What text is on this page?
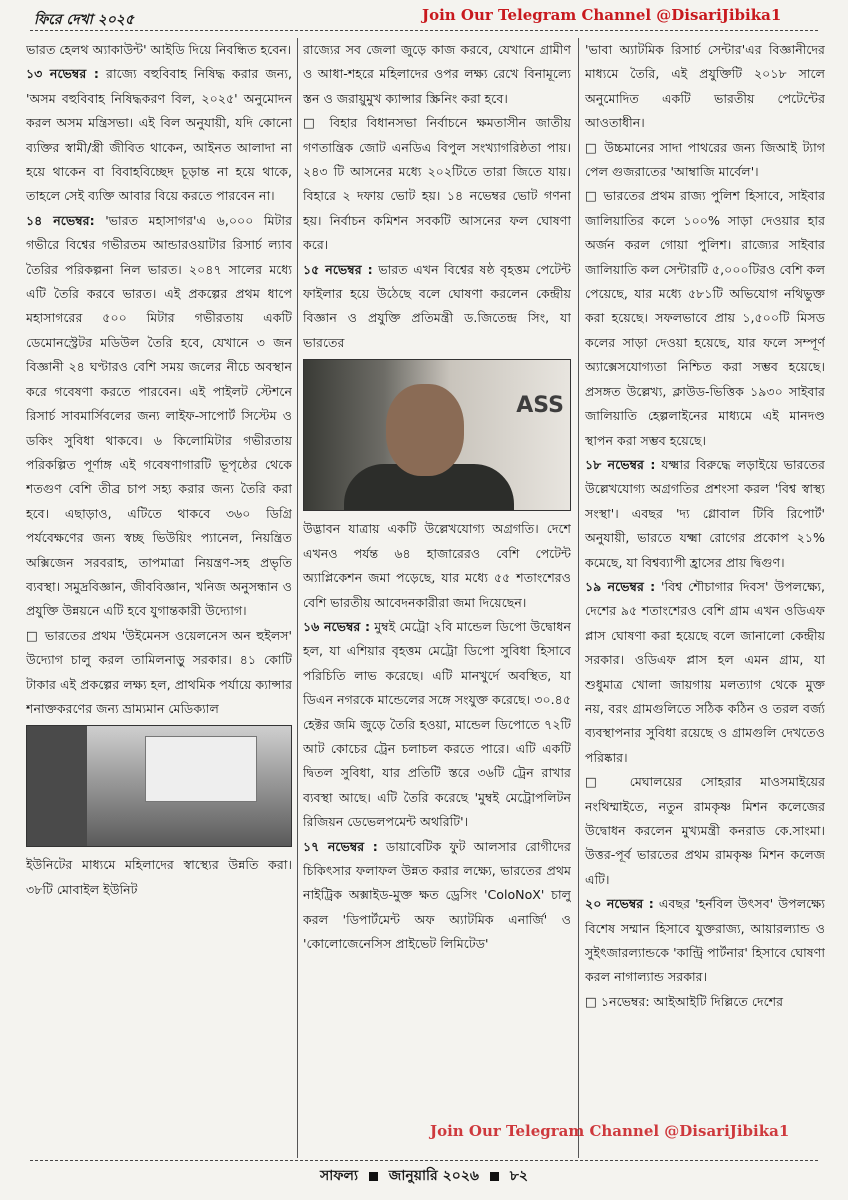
ফিরে দেখা ২০২৫	Join Our Telegram Channel @DisariJibika1

ভারত হেলথ অ্যাকাউন্ট' আইডি দিয়ে নিবন্ধিত হবেন।

১৩ নভেম্বর : রাজ্যে বহুবিবাহ নিষিদ্ধ করার জন্য, 'অসম বহুবিবাহ নিষিদ্ধকরণ বিল, ২০২৫' অনুমোদন করল অসম মন্ত্রিসভা। এই বিল অনুযায়ী, যদি কোনো ব্যক্তির স্বামী/স্ত্রী জীবিত থাকেন, আইনত আলাদা না হয়ে থাকেন বা বিবাহবিচ্ছেদ চূড়ান্ত না হয়ে থাকে, তাহলে সেই ব্যক্তি আবার বিয়ে করতে পারবেন না।

১৪ নভেম্বর: 'ভারত মহাসাগর'এ ৬,০০০ মিটার গভীরে বিশ্বের গভীরতম আন্ডারওয়াটার রিসার্চ ল্যাব তৈরির পরিকল্পনা নিল ভারত। ২০৪৭ সালের মধ্যে এটি তৈরি করবে ভারত। এই প্রকল্পের প্রথম ধাপে মহাসাগরের ৫০০ মিটার গভীরতায় একটি ডেমোনস্ট্রেটর মডিউল তৈরি হবে, যেখানে ৩ জন বিজ্ঞানী ২৪ ঘণ্টারও বেশি সময় জলের নীচে অবস্থান করে গবেষণা করতে পারবেন। এই পাইলট স্টেশনে রিসার্চ সাবমার্সিবলের জন্য লাইফ-সাপোর্ট সিস্টেম ও ডকিং সুবিধা থাকবে। ৬ কিলোমিটার গভীরতায় পরিকল্পিত পূর্ণাঙ্গ এই গবেষণাগারটি ভূপৃষ্ঠের থেকে শতগুণ বেশি তীব্র চাপ সহ্য করার জন্য তৈরি করা হবে। এছাড়াও, এটিতে থাকবে ৩৬০ ডিগ্রি পর্যবেক্ষণের জন্য স্বচ্ছ ভিউয়িং প্যানেল, নিয়ন্ত্রিত অক্সিজেন সরবরাহ, তাপমাত্রা নিয়ন্ত্রণ-সহ প্রভৃতি ব্যবস্থা। সমুদ্রবিজ্ঞান, জীববিজ্ঞান, খনিজ অনুসন্ধান ও প্রযুক্তি উন্নয়নে এটি হবে যুগান্তকারী উদ্যোগ।

□ ভারতের প্রথম 'উইমেনস ওয়েলনেস অন হুইলস' উদ্যোগ চালু করল তামিলনাড়ু সরকার। ৪১ কোটি টাকার এই প্রকল্পের লক্ষ্য হল, প্রাথমিক পর্যায়ে ক্যান্সার শনাক্তকরণের জন্য ভ্রাম্যমান মেডিক্যাল

ইউনিটের মাধ্যমে মহিলাদের স্বাস্থ্যের উন্নতি করা। ৩৮টি মোবাইল ইউনিট

রাজ্যের সব জেলা জুড়ে কাজ করবে, যেখানে গ্রামীণ ও আধা-শহরে মহিলাদের ওপর লক্ষ্য রেখে বিনামূল্যে স্তন ও জরায়ুমুখ ক্যান্সার স্ক্রিনিং করা হবে।

□ বিহার বিধানসভা নির্বাচনে ক্ষমতাসীন জাতীয় গণতান্ত্রিক জোট এনডিএ বিপুল সংখ্যাগরিষ্ঠতা পায়। ২৪৩ টি আসনের মধ্যে ২০২টিতে তারা জিতে যায়। বিহারে ২ দফায় ভোট হয়। ১৪ নভেম্বর ভোট গণনা হয়। নির্বাচন কমিশন সবকটি আসনের ফল ঘোষণা করে।

১৫ নভেম্বর : ভারত এখন বিশ্বের ষষ্ঠ বৃহত্তম পেটেন্ট ফাইলার হয়ে উঠেছে বলে ঘোষণা করলেন কেন্দ্রীয় বিজ্ঞান ও প্রযুক্তি প্রতিমন্ত্রী ড.জিতেন্দ্র সিং, যা ভারতের

ASS

উদ্ভাবন যাত্রায় একটি উল্লেখযোগ্য অগ্রগতি। দেশে এখনও পর্যন্ত ৬৪ হাজারেরও বেশি পেটেন্ট অ্যাপ্লিকেশন জমা পড়েছে, যার মধ্যে ৫৫ শতাংশেরও বেশি ভারতীয় আবেদনকারীরা জমা দিয়েছেন।

১৬ নভেম্বর : মুম্বই মেট্রো ২বি মান্ডেল ডিপো উদ্বোধন হল, যা এশিয়ার বৃহত্তম মেট্রো ডিপো সুবিধা হিসাবে পরিচিতি লাভ করেছে। এটি মানখুর্দে অবস্থিত, যা ডিএন নগরকে মান্ডেলের সঙ্গে সংযুক্ত করেছে। ৩০.৪৫ হেক্টর জমি জুড়ে তৈরি হওয়া, মান্ডেল ডিপোতে ৭২টি আট কোচের ট্রেন চলাচল করতে পারে। এটি একটি দ্বিতল সুবিধা, যার প্রতিটি স্তরে ৩৬টি ট্রেন রাখার ব্যবস্থা আছে। এটি তৈরি করেছে 'মুম্বই মেট্রোপলিটন রিজিয়ন ডেভেলপমেন্ট অথরিটি'।

১৭ নভেম্বর : ডায়াবেটিক ফুট আলসার রোগীদের চিকিৎসার ফলাফল উন্নত করার লক্ষ্যে, ভারতের প্রথম নাইট্রিক অক্সাইড-মুক্ত ক্ষত ড্রেসিং 'ColoNoX' চালু করল 'ডিপার্টমেন্ট অফ অ্যাটমিক এনার্জি' ও 'কোলোজেনেসিস প্রাইভেট লিমিটেড'

'ভাবা অ্যাটমিক রিসার্চ সেন্টার'এর বিজ্ঞানীদের মাধ্যমে তৈরি, এই প্রযুক্তিটি ২০১৮ সালে অনুমোদিত একটি ভারতীয় পেটেন্টের আওতাধীন।

□ উচ্চমানের সাদা পাথরের জন্য জিআই ট্যাগ পেল গুজরাতের 'আম্বাজি মার্বেল'।

□ ভারতের প্রথম রাজ্য পুলিশ হিসাবে, সাইবার জালিয়াতির কলে ১০০% সাড়া দেওয়ার হার অর্জন করল গোয়া পুলিশ। রাজ্যের সাইবার জালিয়াতি কল সেন্টারটি ৫,০০০টিরও বেশি কল পেয়েছে, যার মধ্যে ৫৮১টি অভিযোগ নথিভুক্ত করা হয়েছে। সফলভাবে প্রায় ১,৫০০টি মিসড কলের সাড়া দেওয়া হয়েছে, যার ফলে সম্পূর্ণ অ্যাক্সেসযোগ্যতা নিশ্চিত করা সম্ভব হয়েছে। প্রসঙ্গত উল্লেখ্য, ক্লাউড-ভিত্তিক ১৯৩০ সাইবার জালিয়াতি হেল্পলাইনের মাধ্যমে এই মানদণ্ড স্থাপন করা সম্ভব হয়েছে।

১৮ নভেম্বর : যক্ষ্মার বিরুদ্ধে লড়াইয়ে ভারতের উল্লেখযোগ্য অগ্রগতির প্রশংসা করল 'বিশ্ব স্বাস্থ্য সংস্থা'। এবছর 'দ্য গ্লোবাল টিবি রিপোর্ট' অনুযায়ী, ভারতে যক্ষ্মা রোগের প্রকোপ ২১% কমেছে, যা বিশ্বব্যাপী হ্রাসের প্রায় দ্বিগুণ।

১৯ নভেম্বর : 'বিশ্ব শৌচাগার দিবস' উপলক্ষ্যে, দেশের ৯৫ শতাংশেরও বেশি গ্রাম এখন ওডিএফ প্লাস ঘোষণা করা হয়েছে বলে জানালো কেন্দ্রীয় সরকার। ওডিএফ প্লাস হল এমন গ্রাম, যা শুধুমাত্র খোলা জায়গায় মলত্যাগ থেকে মুক্ত নয়, বরং গ্রামগুলিতে সঠিক কঠিন ও তরল বর্জ্য ব্যবস্থাপনার সুবিধা রয়েছে ও গ্রামগুলি দেখতেও পরিষ্কার।

□ মেঘালয়ের সোহরার মাওসমাইয়ের নংথিম্মাইতে, নতুন রামকৃষ্ণ মিশন কলেজের উদ্বোধন করলেন মুখ্যমন্ত্রী কনরাড কে.সাংমা। উত্তর-পূর্ব ভারতের প্রথম রামকৃষ্ণ মিশন কলেজ এটি।

২০ নভেম্বর : এবছর 'হর্নবিল উৎসব' উপলক্ষ্যে বিশেষ সম্মান হিসাবে যুক্তরাজ্য, আয়ারল্যান্ড ও সুইৎজারল্যান্ডকে 'কান্ট্রি পার্টনার' হিসাবে ঘোষণা করল নাগাল্যান্ড সরকার।

□ ১নভেম্বর: আইআইটি দিল্লিতে দেশের

Join Our Telegram Channel @DisariJibika1
সাফল্য জানুয়ারি ২০২৬ ৮২
